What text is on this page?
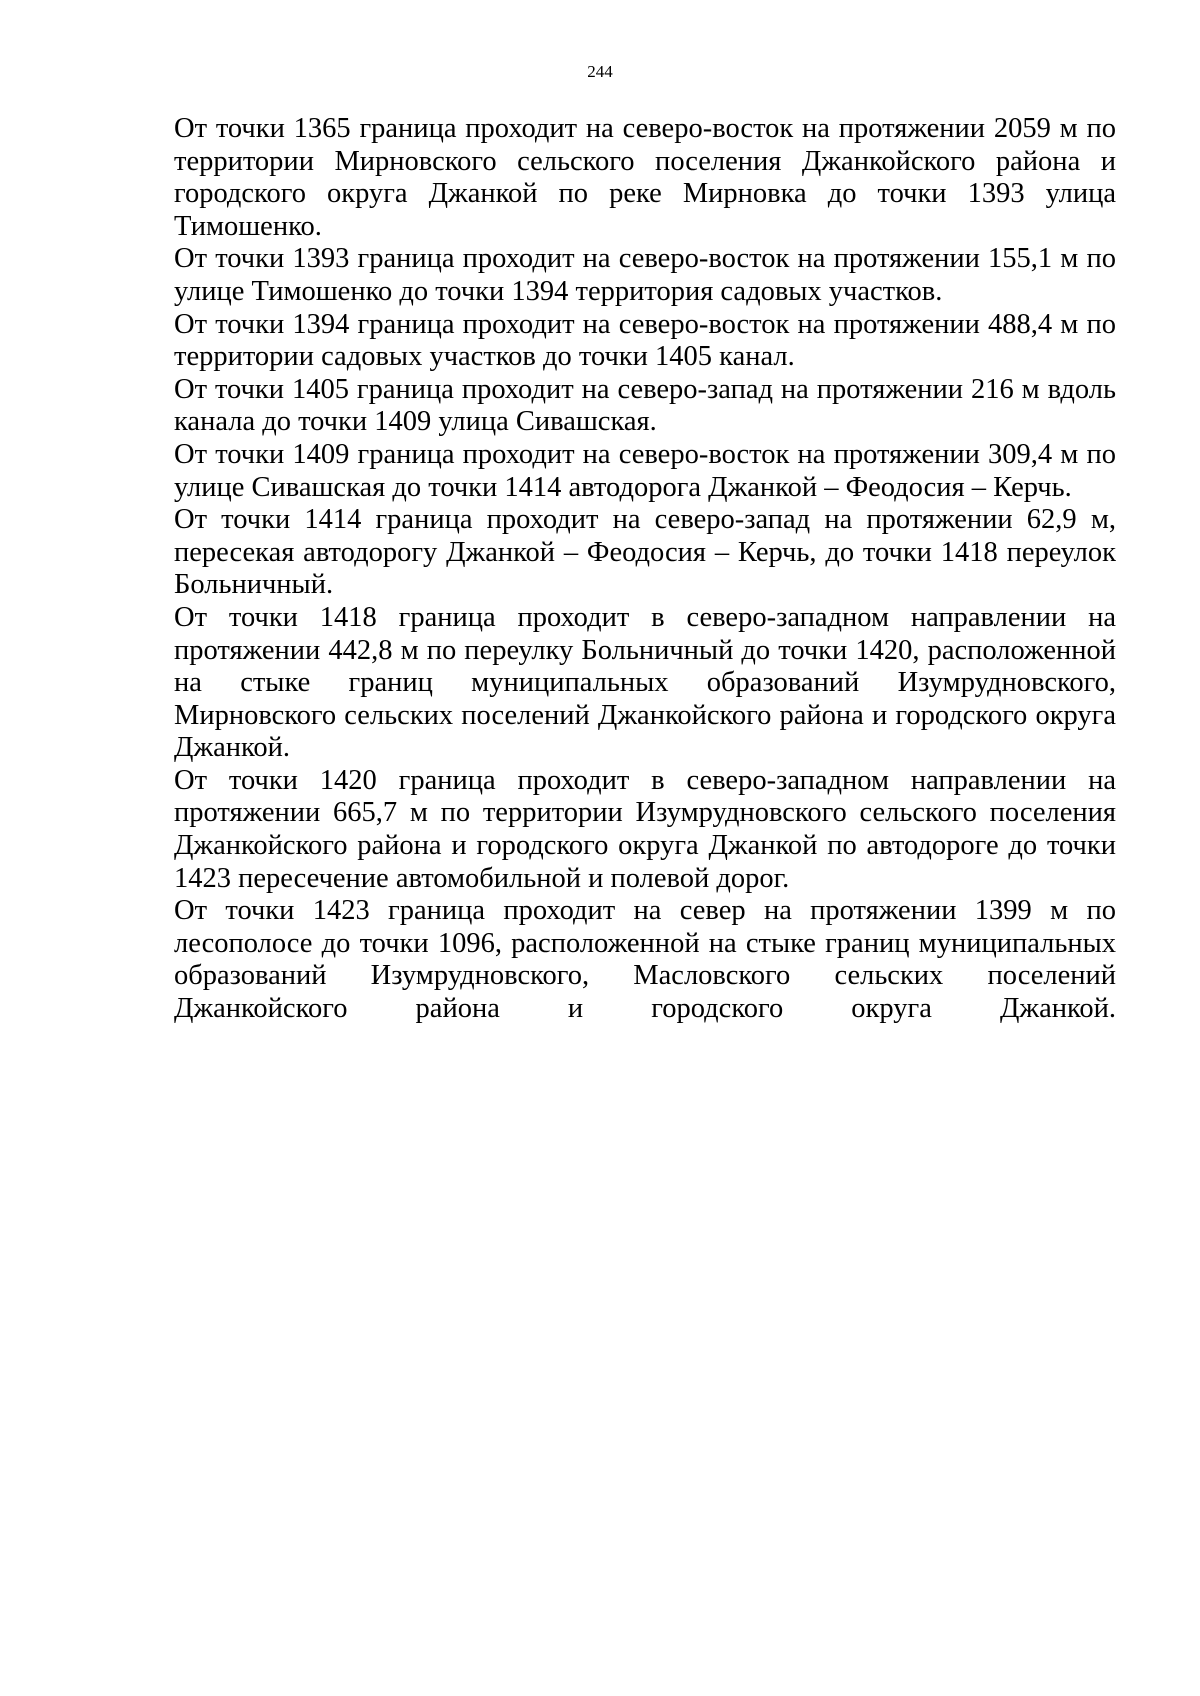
244

От точки 1365 граница проходит на северо-восток на протяжении 2059 м по территории Мирновского сельского поселения Джанкойского района и городского округа Джанкой по реке Мирновка до точки 1393 улица Тимошенко.

От точки 1393 граница проходит на северо-восток на протяжении 155,1 м по улице Тимошенко до точки 1394 территория садовых участков.

От точки 1394 граница проходит на северо-восток на протяжении 488,4 м по территории садовых участков до точки 1405 канал.

От точки 1405 граница проходит на северо-запад на протяжении 216 м вдоль канала до точки 1409 улица Сивашская.

От точки 1409 граница проходит на северо-восток на протяжении 309,4 м по улице Сивашская до точки 1414 автодорога Джанкой – Феодосия – Керчь.

От точки 1414 граница проходит на северо-запад на протяжении 62,9 м, пересекая автодорогу Джанкой – Феодосия – Керчь, до точки 1418 переулок Больничный.

От точки 1418 граница проходит в северо-западном направлении на протяжении 442,8 м по переулку Больничный до точки 1420, расположенной на стыке границ муниципальных образований Изумрудновского, Мирновского сельских поселений Джанкойского района и городского округа Джанкой.

От точки 1420 граница проходит в северо-западном направлении на протяжении 665,7 м по территории Изумрудновского сельского поселения Джанкойского района и городского округа Джанкой по автодороге до точки 1423 пересечение автомобильной и полевой дорог.

От точки 1423 граница проходит на север на протяжении 1399 м по лесополосе до точки 1096, расположенной на стыке границ муниципальных образований Изумрудновского, Масловского сельских поселений Джанкойского района и городского округа Джанкой.
